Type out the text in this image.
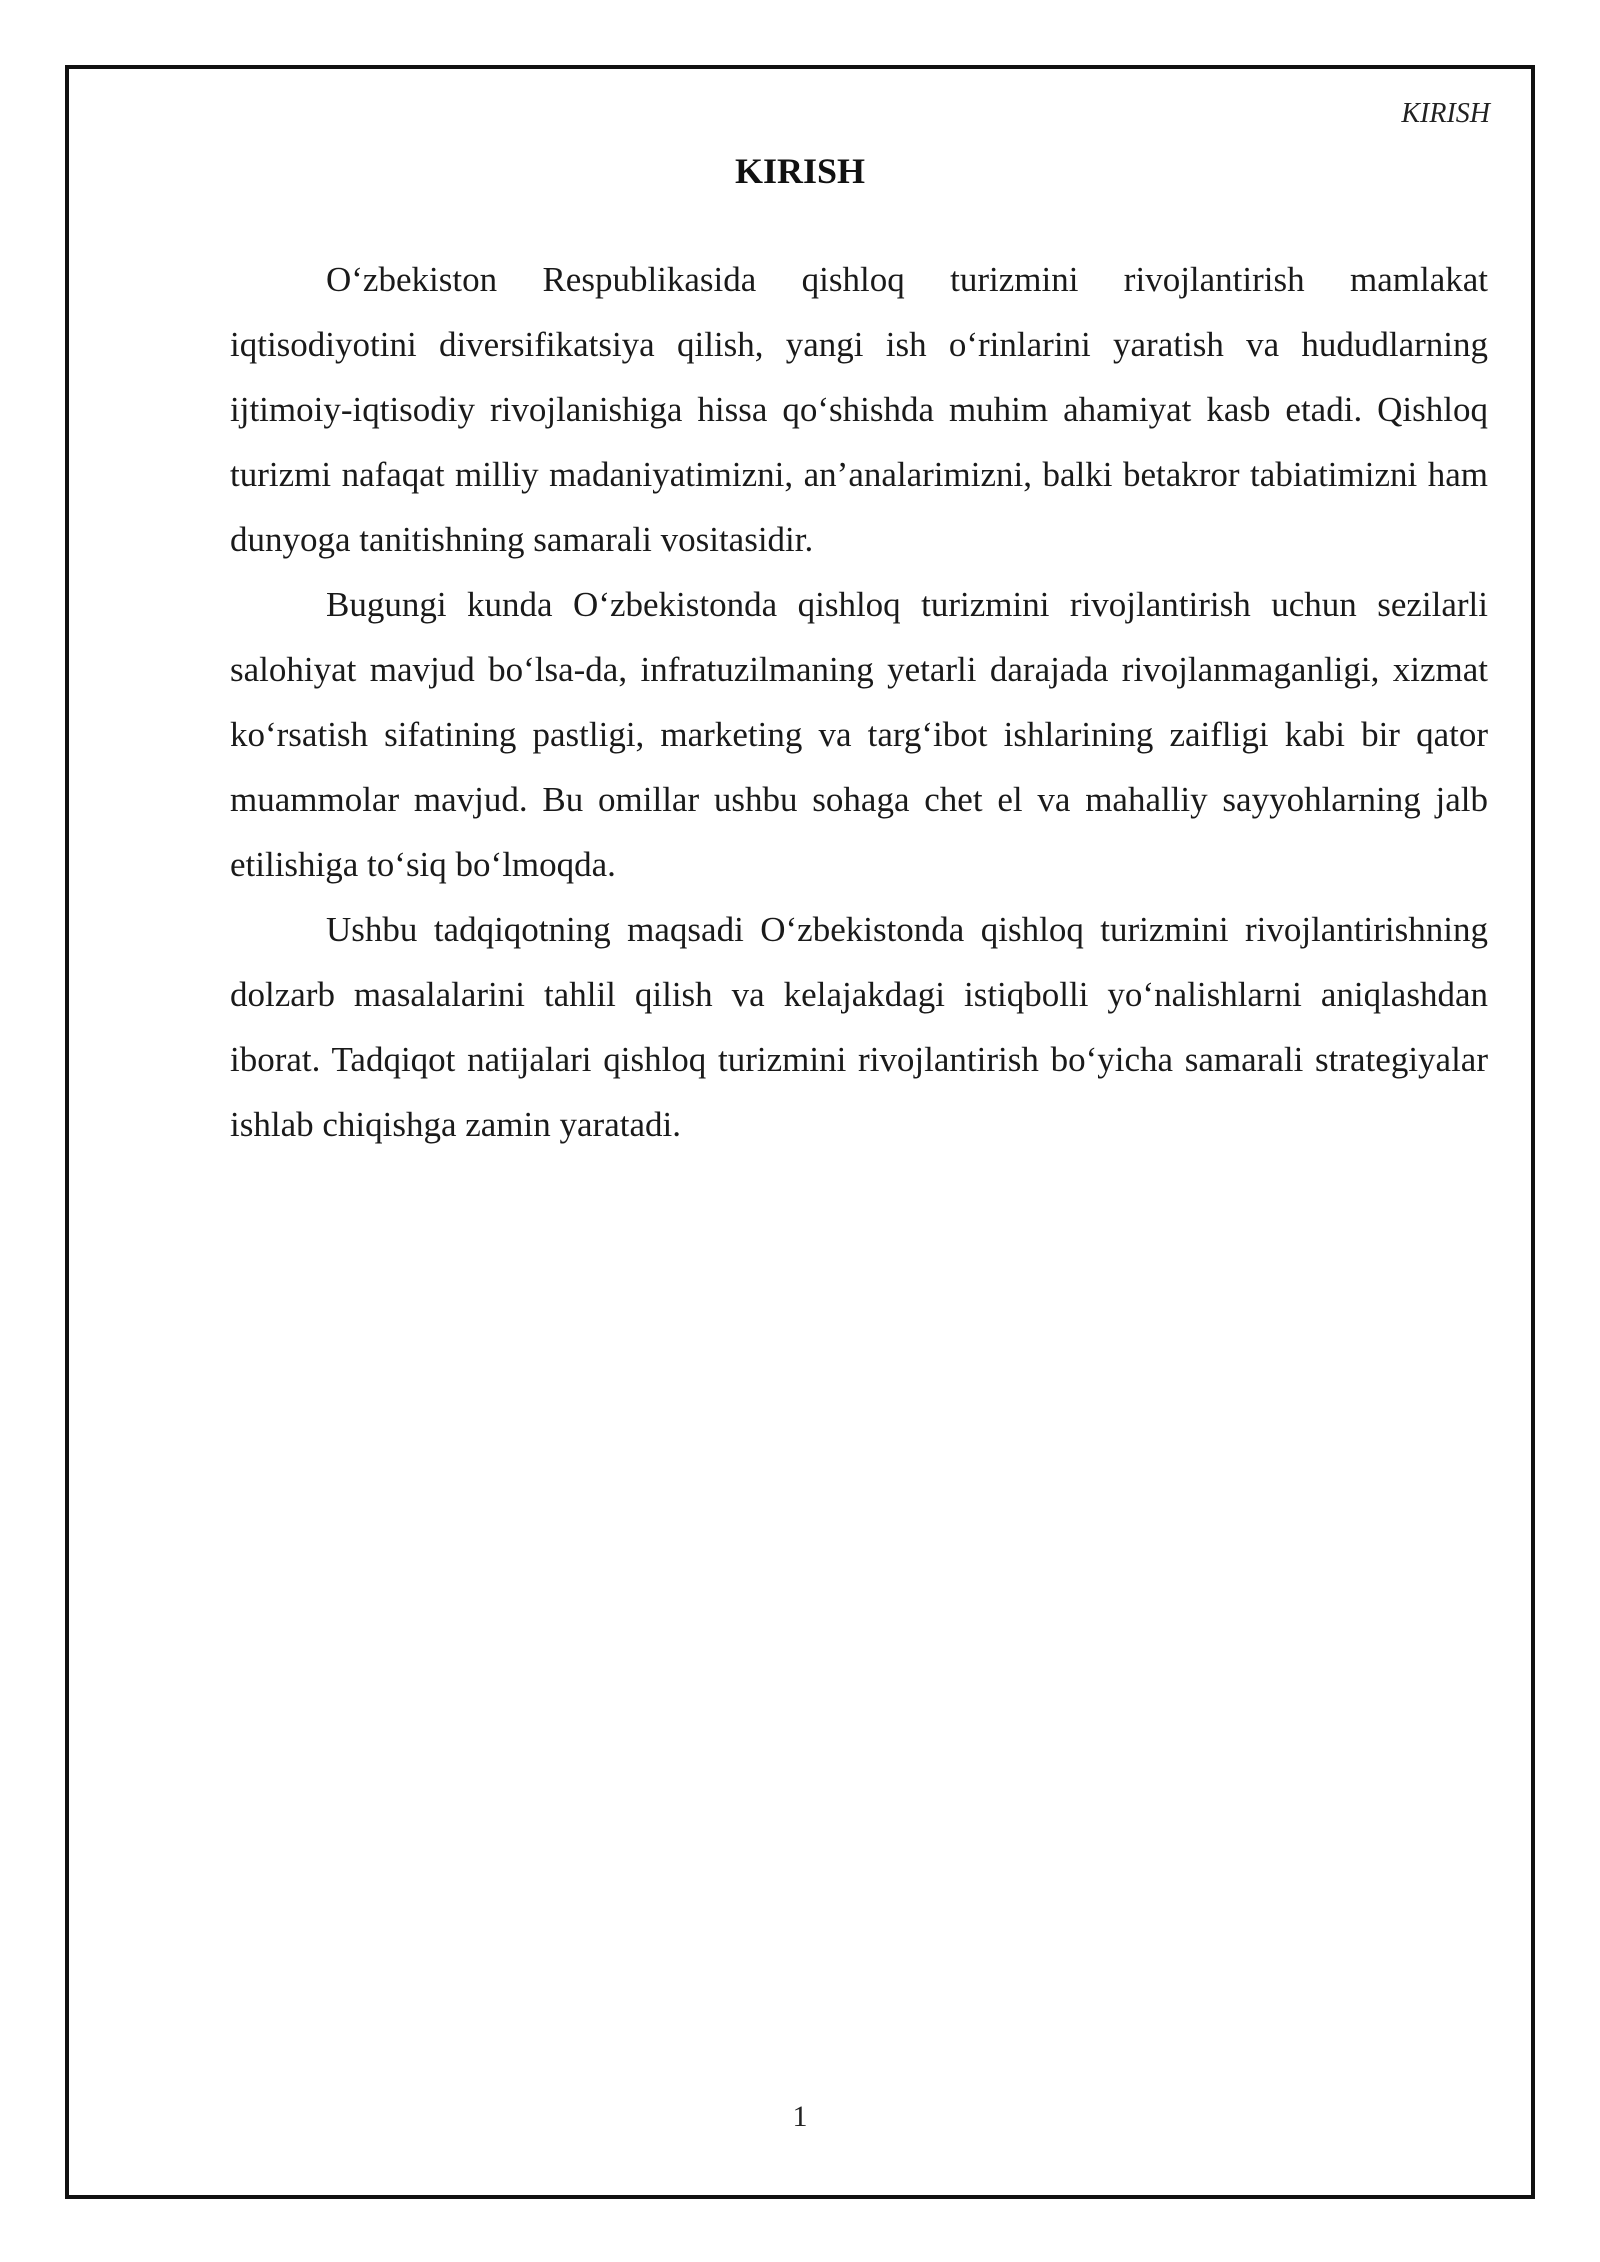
KIRISH
KIRISH

O‘zbekiston Respublikasida qishloq turizmini rivojlantirish mamlakat iqtisodiyotini diversifikatsiya qilish, yangi ish o‘rinlarini yaratish va hududlarning ijtimoiy-iqtisodiy rivojlanishiga hissa qo‘shishda muhim ahamiyat kasb etadi. Qishloq turizmi nafaqat milliy madaniyatimizni, an’analarimizni, balki betakror tabiatimizni ham dunyoga tanitishning samarali vositasidir.

Bugungi kunda O‘zbekistonda qishloq turizmini rivojlantirish uchun sezilarli salohiyat mavjud bo‘lsa-da, infratuzilmaning yetarli darajada rivojlanmaganligi, xizmat ko‘rsatish sifatining pastligi, marketing va targ‘ibot ishlarining zaifligi kabi bir qator muammolar mavjud. Bu omillar ushbu sohaga chet el va mahalliy sayyohlarning jalb etilishiga to‘siq bo‘lmoqda.

Ushbu tadqiqotning maqsadi O‘zbekistonda qishloq turizmini rivojlantirishning dolzarb masalalarini tahlil qilish va kelajakdagi istiqbolli yo‘nalishlarni aniqlashdan iborat. Tadqiqot natijalari qishloq turizmini rivojlantirish bo‘yicha samarali strategiyalar ishlab chiqishga zamin yaratadi.

1
